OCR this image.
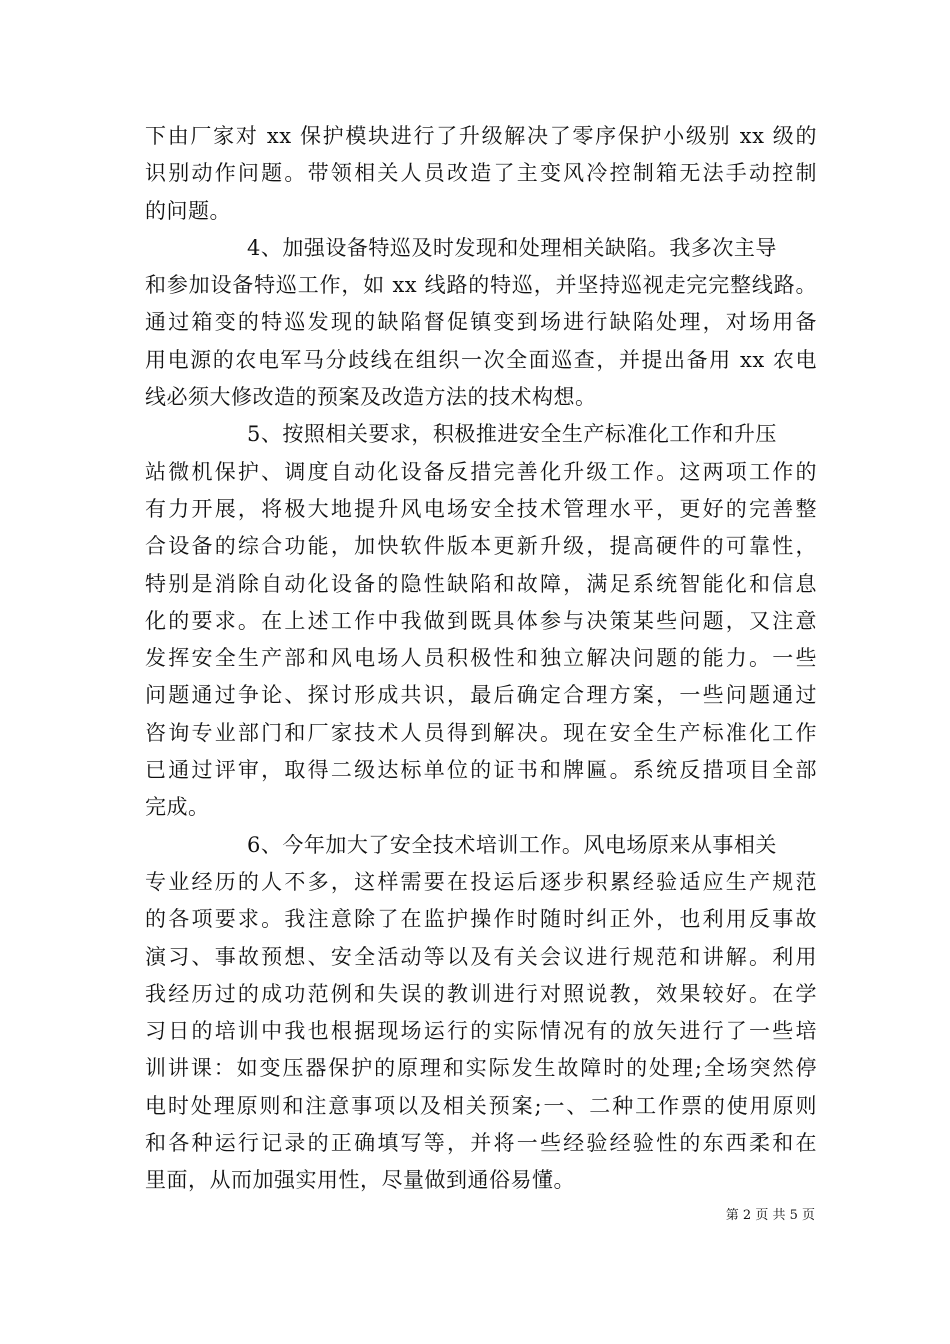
下由厂家对 xx 保护模块进行了升级解决了零序保护小级别 xx 级的
识别动作问题。带领相关人员改造了主变风冷控制箱无法手动控制
的问题。
4、加强设备特巡及时发现和处理相关缺陷。我多次主导
和参加设备特巡工作，如 xx 线路的特巡，并坚持巡视走完完整线路。
通过箱变的特巡发现的缺陷督促镇变到场进行缺陷处理，对场用备
用电源的农电军马分歧线在组织一次全面巡查，并提出备用 xx 农电
线必须大修改造的预案及改造方法的技术构想。
5、按照相关要求，积极推进安全生产标准化工作和升压
站微机保护、调度自动化设备反措完善化升级工作。这两项工作的
有力开展，将极大地提升风电场安全技术管理水平，更好的完善整
合设备的综合功能，加快软件版本更新升级，提高硬件的可靠性，
特别是消除自动化设备的隐性缺陷和故障，满足系统智能化和信息
化的要求。在上述工作中我做到既具体参与决策某些问题，又注意
发挥安全生产部和风电场人员积极性和独立解决问题的能力。一些
问题通过争论、探讨形成共识，最后确定合理方案，一些问题通过
咨询专业部门和厂家技术人员得到解决。现在安全生产标准化工作
已通过评审，取得二级达标单位的证书和牌匾。系统反措项目全部
完成。
6、今年加大了安全技术培训工作。风电场原来从事相关
专业经历的人不多，这样需要在投运后逐步积累经验适应生产规范
的各项要求。我注意除了在监护操作时随时纠正外，也利用反事故
演习、事故预想、安全活动等以及有关会议进行规范和讲解。利用
我经历过的成功范例和失误的教训进行对照说教，效果较好。在学
习日的培训中我也根据现场运行的实际情况有的放矢进行了一些培
训讲课：如变压器保护的原理和实际发生故障时的处理;全场突然停
电时处理原则和注意事项以及相关预案;一、二种工作票的使用原则
和各种运行记录的正确填写等，并将一些经验经验性的东西柔和在
里面，从而加强实用性，尽量做到通俗易懂。
第 2 页 共 5 页
